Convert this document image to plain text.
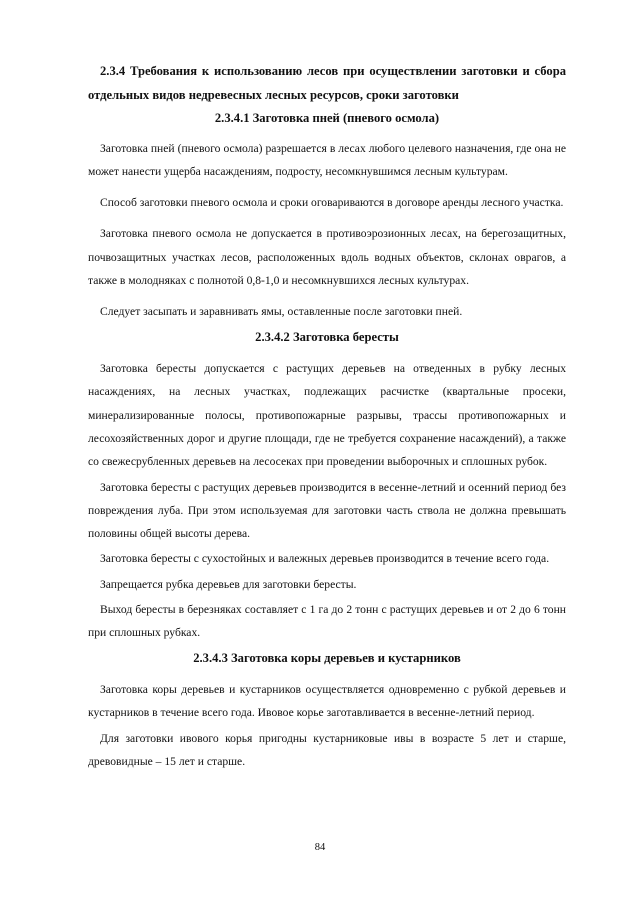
2.3.4 Требования к использованию лесов при осуществлении заготовки и сбора отдельных видов недревесных лесных ресурсов, сроки заготовки
2.3.4.1 Заготовка пней (пневого осмола)

Заготовка пней (пневого осмола) разрешается в лесах любого целевого назначения, где она не может нанести ущерба насаждениям, подросту, несомкнувшимся лесным культурам.

Способ заготовки пневого осмола и сроки оговариваются в договоре аренды лесного участка.

Заготовка пневого осмола не допускается в противоэрозионных лесах, на берегозащитных, почвозащитных участках лесов, расположенных вдоль водных объектов, склонах оврагов, а также в молодняках с полнотой 0,8-1,0 и несомкнувшихся лесных культурах.

Следует засыпать и заравнивать ямы, оставленные после заготовки пней.

2.3.4.2 Заготовка бересты

Заготовка бересты допускается с растущих деревьев на отведенных в рубку лесных насаждениях, на лесных участках, подлежащих расчистке (квартальные просеки, минерализированные полосы, противопожарные разрывы, трассы противопожарных и лесохозяйственных дорог и другие площади, где не требуется сохранение насаждений), а также со свежесрубленных деревьев на лесосеках при проведении выборочных и сплошных рубок.

Заготовка бересты с растущих деревьев производится в весенне-летний и осенний период без повреждения луба. При этом используемая для заготовки часть ствола не должна превышать половины общей высоты дерева.

Заготовка бересты с сухостойных и валежных деревьев производится в течение всего года.

Запрещается рубка деревьев для заготовки бересты.

Выход бересты в березняках составляет с 1 га до 2 тонн с растущих деревьев и от 2 до 6 тонн при сплошных рубках.

2.3.4.3 Заготовка коры деревьев и кустарников

Заготовка коры деревьев и кустарников осуществляется одновременно с рубкой деревьев и кустарников в течение всего года. Ивовое корье заготавливается в весенне-летний период.

Для заготовки ивового корья пригодны кустарниковые ивы в возрасте 5 лет и старше, древовидные – 15 лет и старше.

84
